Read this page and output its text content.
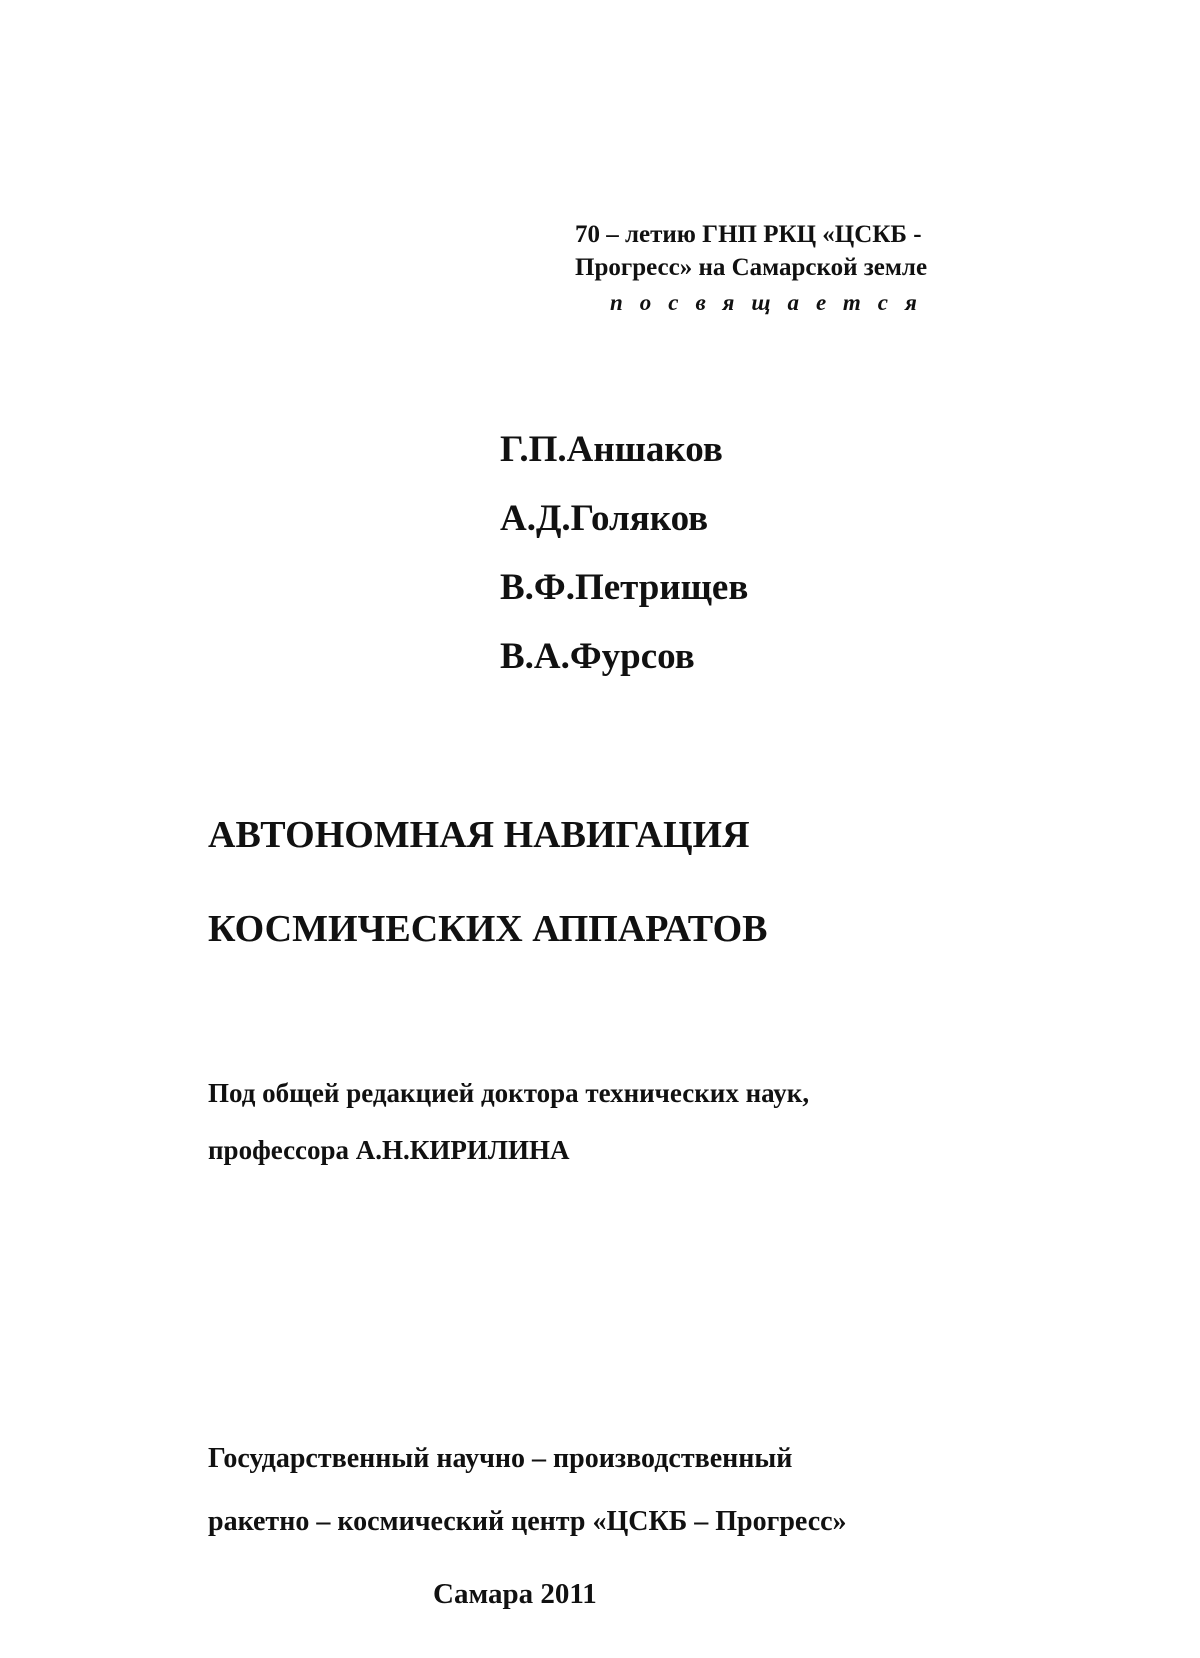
70 – летию ГНП РКЦ «ЦСКБ -
Прогресс» на Самарской земле
посвящается
Г.П.Аншаков
А.Д.Голяков
В.Ф.Петрищев
В.А.Фурсов
АВТОНОМНАЯ НАВИГАЦИЯ
КОСМИЧЕСКИХ АППАРАТОВ
Под общей редакцией доктора технических наук,
профессора А.Н.КИРИЛИНА
Государственный научно – производственный
ракетно – космический центр «ЦСКБ – Прогресс»
Самара 2011
